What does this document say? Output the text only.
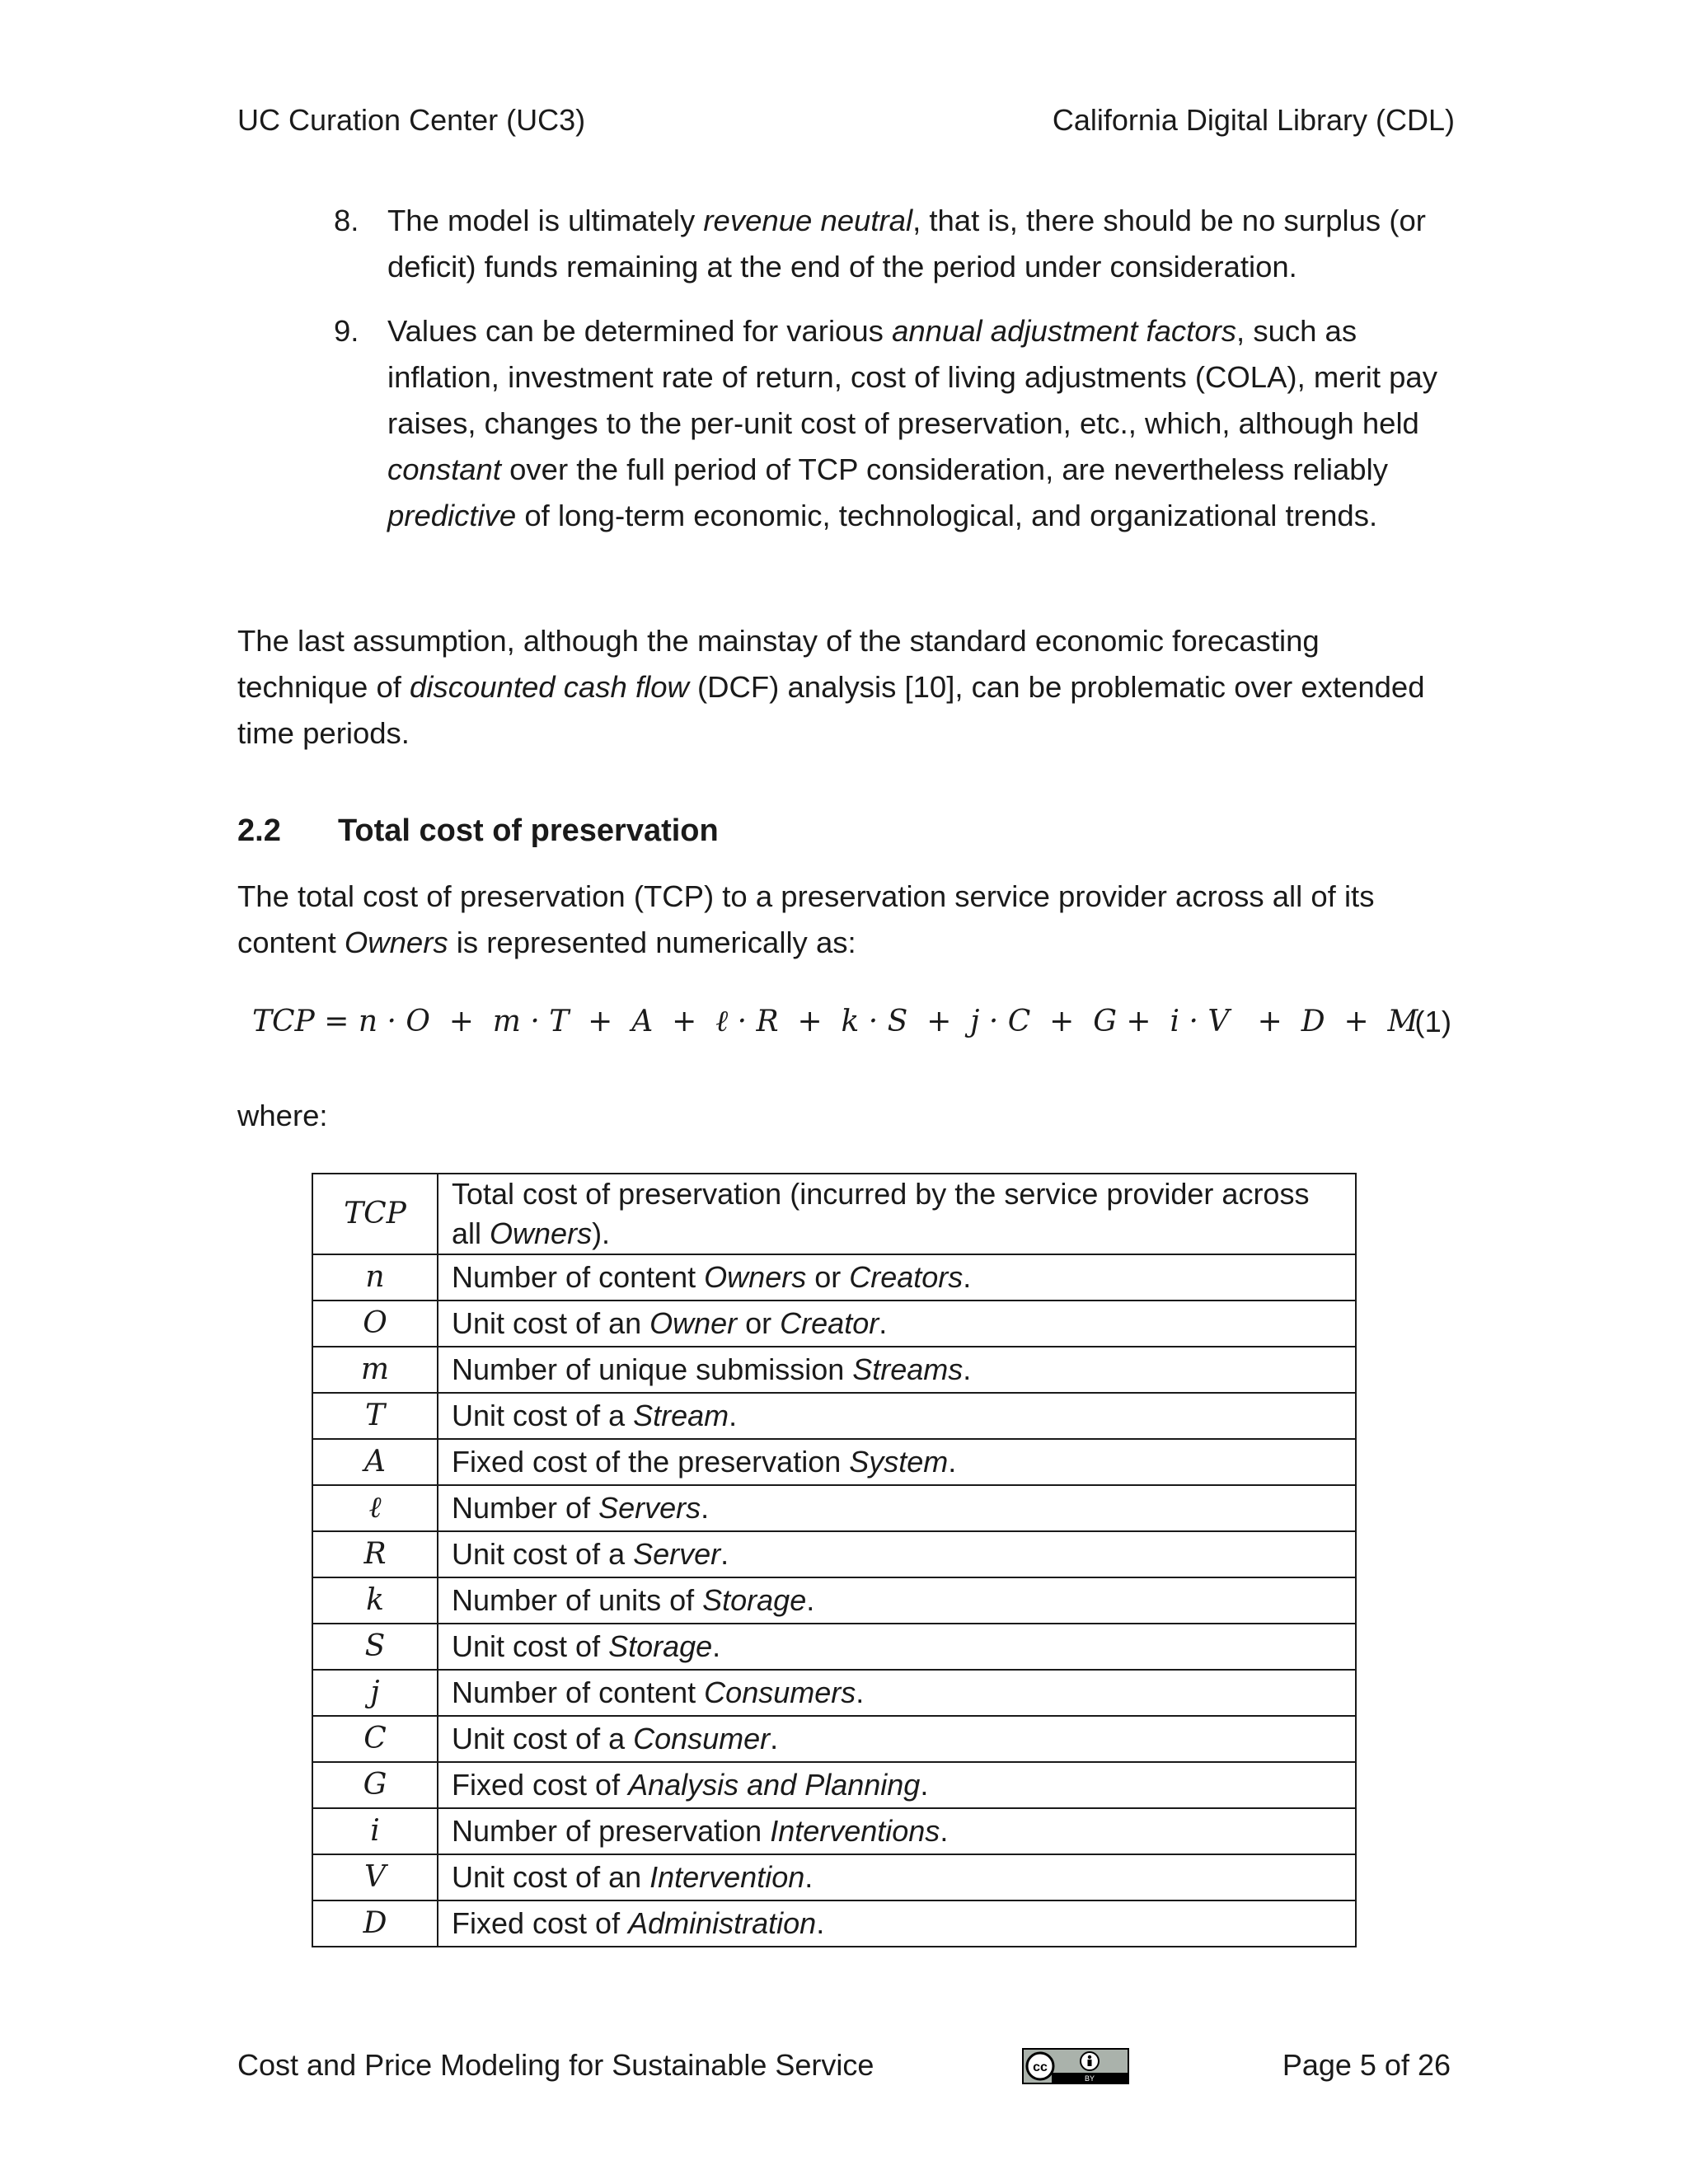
UC Curation Center (UC3)	California Digital Library (CDL)
8. The model is ultimately revenue neutral, that is, there should be no surplus (or deficit) funds remaining at the end of the period under consideration.
9. Values can be determined for various annual adjustment factors, such as inflation, investment rate of return, cost of living adjustments (COLA), merit pay raises, changes to the per-unit cost of preservation, etc., which, although held constant over the full period of TCP consideration, are nevertheless reliably predictive of long-term economic, technological, and organizational trends.
The last assumption, although the mainstay of the standard economic forecasting technique of discounted cash flow (DCF) analysis [10], can be problematic over extended time periods.
2.2 Total cost of preservation
The total cost of preservation (TCP) to a preservation service provider across all of its content Owners is represented numerically as:
TCP = n · O  +  m · T  +  A  +  ℓ · R  +  k · S  +  j · C  +  G +  i · V   +  D  +  M
(1)
where:
TCP	Total cost of preservation (incurred by the service provider across all Owners).
n	Number of content Owners or Creators.
O	Unit cost of an Owner or Creator.
m	Number of unique submission Streams.
T	Unit cost of a Stream.
A	Fixed cost of the preservation System.
ℓ	Number of Servers.
R	Unit cost of a Server.
k	Number of units of Storage.
S	Unit cost of Storage.
j	Number of content Consumers.
C	Unit cost of a Consumer.
G	Fixed cost of Analysis and Planning.
i	Number of preservation Interventions.
V	Unit cost of an Intervention.
D	Fixed cost of Administration.
Cost and Price Modeling for Sustainable Service	cc
BY	Page 5 of 26
